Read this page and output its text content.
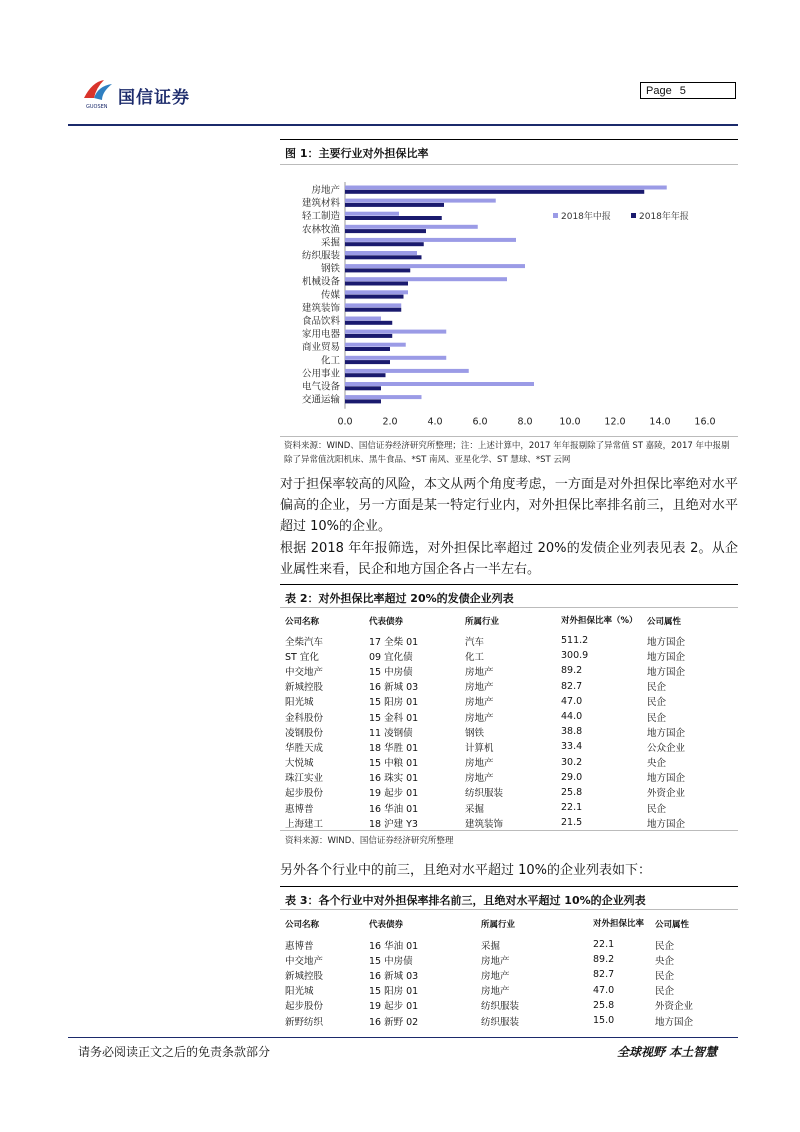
国信证券
GUOSEN
Page 5
图 1：主要行业对外担保比率
房地产
建筑材料
轻工制造
农林牧渔
采掘
纺织服装
钢铁
机械设备
传媒
建筑装饰
食品饮料
家用电器
商业贸易
化工
公用事业
电气设备
交通运输
0.0	2.0	4.0	6.0	8.0	10.0	12.0	14.0	16.0
2018年中报	2018年年报
资料来源：WIND、国信证券经济研究所整理；注：上述计算中，2017 年年报剔除了异常值 ST 嘉陵，2017 年中报剔除了异常值沈阳机床、黑牛食品、*ST 南风、亚星化学、ST 慧球、*ST 云网
对于担保率较高的风险，本文从两个角度考虑，一方面是对外担保比率绝对水平偏高的企业，另一方面是某一特定行业内，对外担保比率排名前三，且绝对水平超过 10%的企业。
根据 2018 年年报筛选，对外担保比率超过 20%的发债企业列表见表 2。从企业属性来看，民企和地方国企各占一半左右。
表 2：对外担保比率超过 20%的发债企业列表
公司名称	代表债券	所属行业	对外担保比率（%）	公司属性
全柴汽车	17 全柴 01	汽车	511.2	地方国企
ST 宜化	09 宜化债	化工	300.9	地方国企
中交地产	15 中房债	房地产	89.2	地方国企
新城控股	16 新城 03	房地产	82.7	民企
阳光城	15 阳房 01	房地产	47.0	民企
金科股份	15 金科 01	房地产	44.0	民企
凌钢股份	11 凌钢债	钢铁	38.8	地方国企
华胜天成	18 华胜 01	计算机	33.4	公众企业
大悦城	15 中粮 01	房地产	30.2	央企
珠江实业	16 珠实 01	房地产	29.0	地方国企
起步股份	19 起步 01	纺织服装	25.8	外资企业
惠博普	16 华油 01	采掘	22.1	民企
上海建工	18 沪建 Y3	建筑装饰	21.5	地方国企
资料来源：WIND、国信证券经济研究所整理
另外各个行业中的前三，且绝对水平超过 10%的企业列表如下：
表 3：各个行业中对外担保率排名前三，且绝对水平超过 10%的企业列表
公司名称	代表债券	所属行业	对外担保比率	公司属性
惠博普	16 华油 01	采掘	22.1	民企
中交地产	15 中房债	房地产	89.2	央企
新城控股	16 新城 03	房地产	82.7	民企
阳光城	15 阳房 01	房地产	47.0	民企
起步股份	19 起步 01	纺织服装	25.8	外资企业
新野纺织	16 新野 02	纺织服装	15.0	地方国企
请务必阅读正文之后的免责条款部分	全球视野 本土智慧
